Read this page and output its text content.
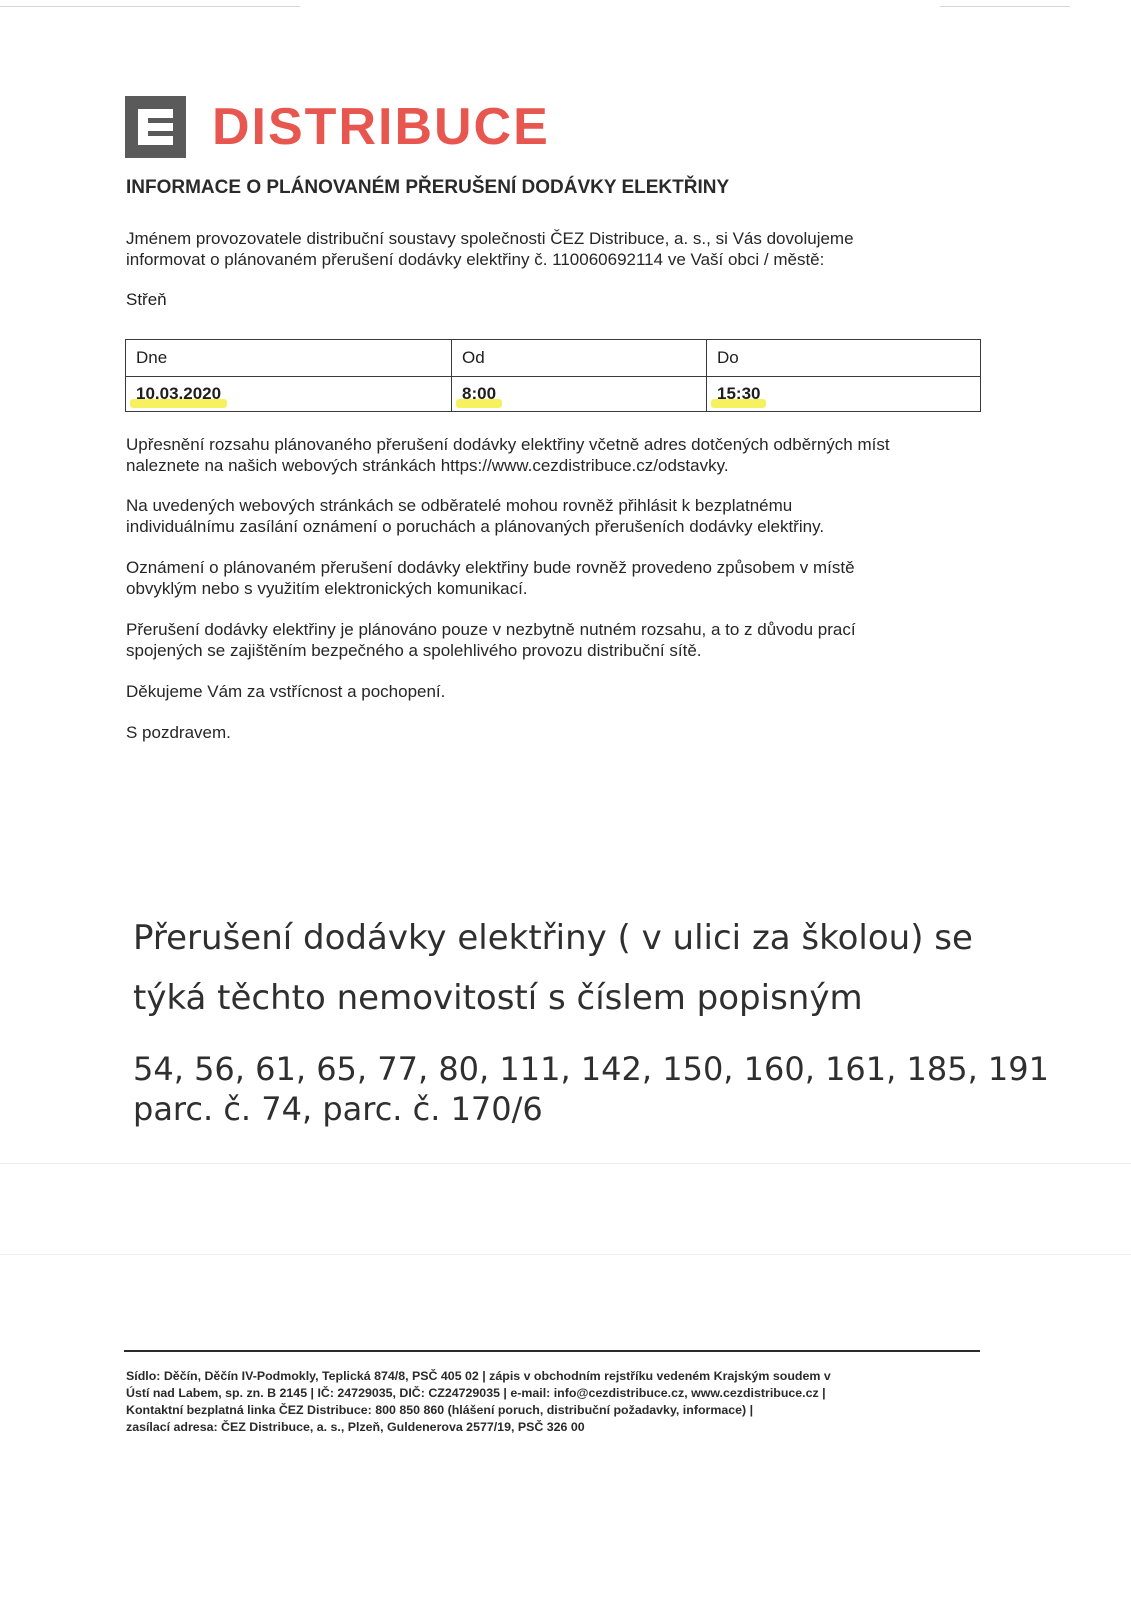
DISTRIBUCE
INFORMACE O PLÁNOVANÉM PŘERUŠENÍ DODÁVKY ELEKTŘINY
Jménem provozovatele distribuční soustavy společnosti ČEZ Distribuce, a. s., si Vás dovolujeme
informovat o plánovaném přerušení dodávky elektřiny č. 110060692114 ve Vaší obci / městě:
Střeň
Dne	Od	Do
10.03.2020	8:00	15:30
Upřesnění rozsahu plánovaného přerušení dodávky elektřiny včetně adres dotčených odběrných míst
naleznete na našich webových stránkách https://www.cezdistribuce.cz/odstavky.
Na uvedených webových stránkách se odběratelé mohou rovněž přihlásit k bezplatnému
individuálnímu zasílání oznámení o poruchách a plánovaných přerušeních dodávky elektřiny.
Oznámení o plánovaném přerušení dodávky elektřiny bude rovněž provedeno způsobem v místě
obvyklým nebo s využitím elektronických komunikací.
Přerušení dodávky elektřiny je plánováno pouze v nezbytně nutném rozsahu, a to z důvodu prací
spojených se zajištěním bezpečného a spolehlivého provozu distribuční sítě.
Děkujeme Vám za vstřícnost a pochopení.
S pozdravem.
Přerušení dodávky elektřiny ( v ulici za školou) se
týká těchto nemovitostí s číslem popisným
54, 56, 61, 65, 77, 80, 111, 142, 150, 160, 161, 185, 191
parc. č. 74, parc. č. 170/6
Sídlo: Děčín, Děčín IV-Podmokly, Teplická 874/8, PSČ 405 02 | zápis v obchodním rejstříku vedeném Krajským soudem v
Ústí nad Labem, sp. zn. B 2145 | IČ: 24729035, DIČ: CZ24729035 | e-mail: info@cezdistribuce.cz, www.cezdistribuce.cz |
Kontaktní bezplatná linka ČEZ Distribuce: 800 850 860 (hlášení poruch, distribuční požadavky, informace) |
zasílací adresa: ČEZ Distribuce, a. s., Plzeň, Guldenerova 2577/19, PSČ 326 00
